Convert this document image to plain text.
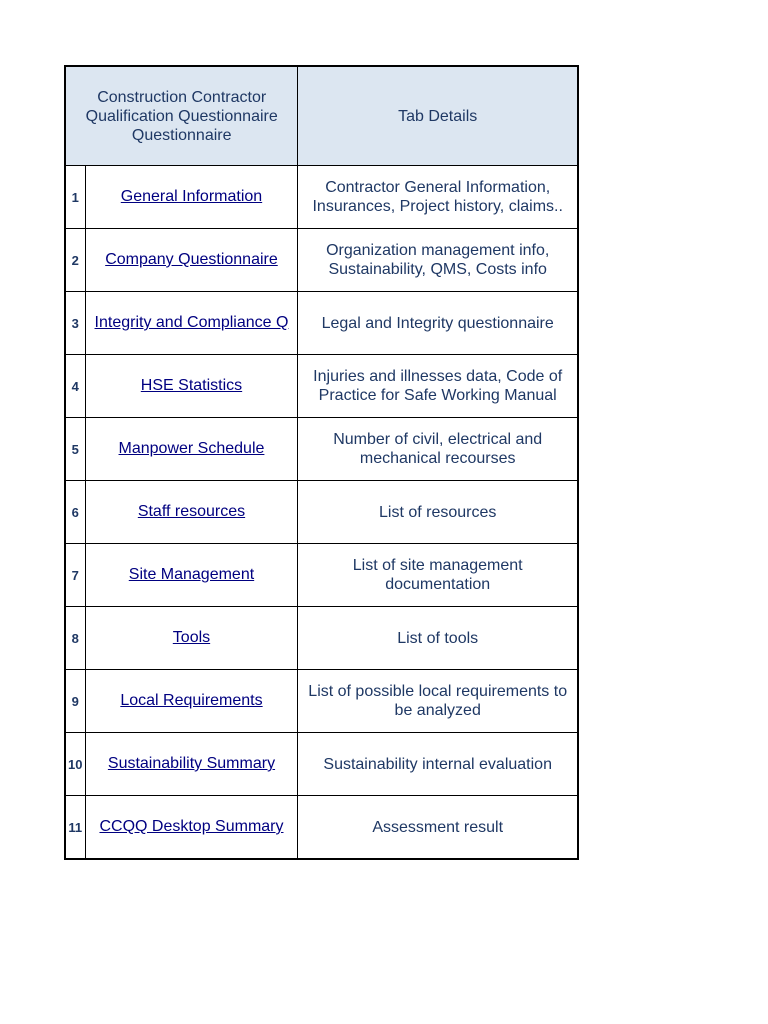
Construction Contractor Qualification Questionnaire Questionnaire		Tab Details
1	General Information	Contractor General Information, Insurances, Project history, claims..
2	Company Questionnaire	Organization management info, Sustainability, QMS, Costs info
3	Integrity and Compliance Q	Legal and Integrity questionnaire
4	HSE Statistics	Injuries and illnesses data, Code of Practice for Safe Working Manual
5	Manpower Schedule	Number of civil, electrical and mechanical recourses
6	Staff resources	List of resources
7	Site Management	List of site management documentation
8	Tools	List of tools
9	Local Requirements	List of possible local requirements to be analyzed
10	Sustainability Summary	Sustainability internal evaluation
11	CCQQ Desktop Summary	Assessment result
